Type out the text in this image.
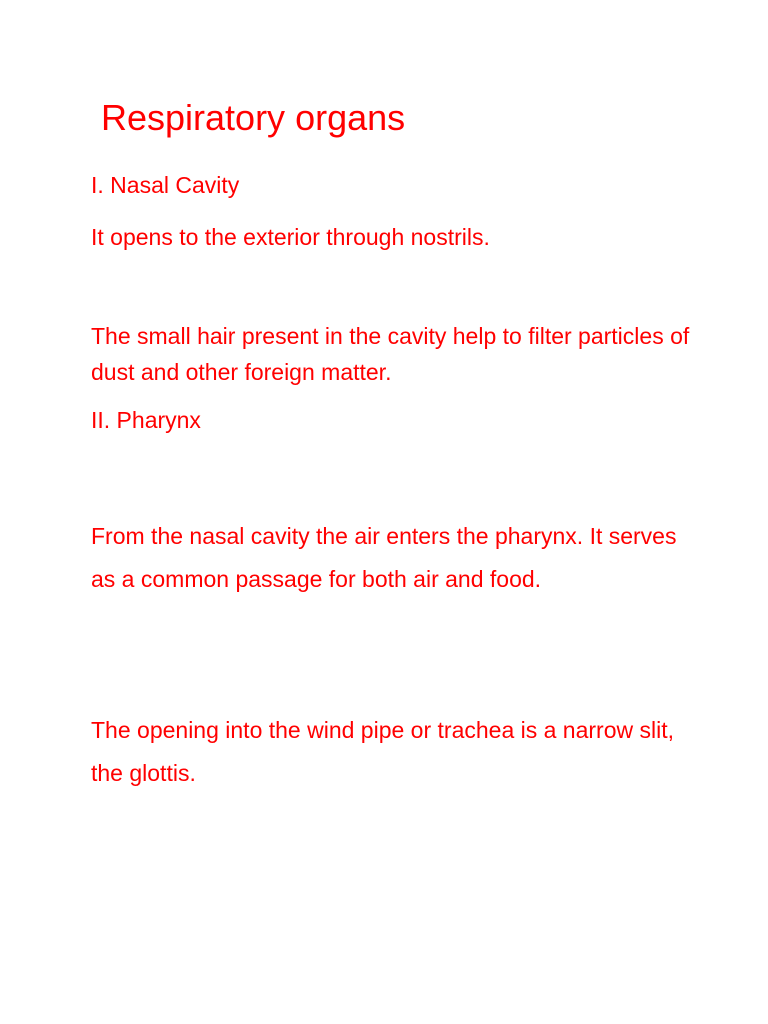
Respiratory organs

I. Nasal Cavity

It opens to the exterior through nostrils.

The small hair present in the cavity help to filter particles of dust and other foreign matter.

II. Pharynx

From the nasal cavity the air enters the pharynx. It serves as a common passage for both air and food.

The opening into the wind pipe or trachea is a narrow slit, the glottis.
